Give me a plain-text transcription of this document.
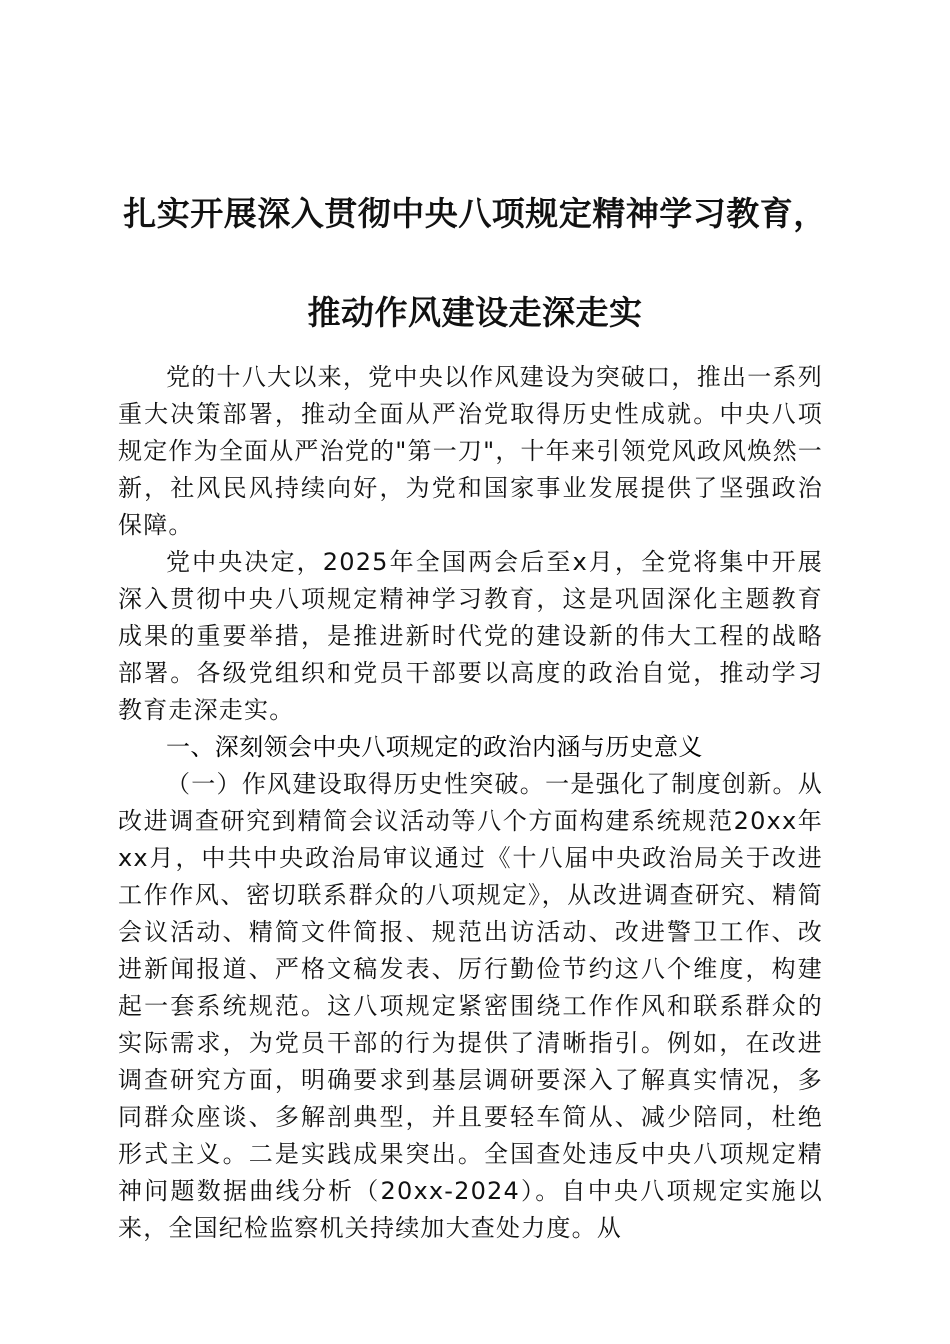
扎实开展深入贯彻中央八项规定精神学习教育，
推动作风建设走深走实

党的十八大以来，党中央以作风建设为突破口，推出一系列重大决策部署，推动全面从严治党取得历史性成就。中央八项规定作为全面从严治党的"第一刀"，十年来引领党风政风焕然一新，社风民风持续向好，为党和国家事业发展提供了坚强政治保障。

党中央决定，2025年全国两会后至x月，全党将集中开展深入贯彻中央八项规定精神学习教育，这是巩固深化主题教育成果的重要举措，是推进新时代党的建设新的伟大工程的战略部署。各级党组织和党员干部要以高度的政治自觉，推动学习教育走深走实。

一、深刻领会中央八项规定的政治内涵与历史意义

（一）作风建设取得历史性突破。一是强化了制度创新。从改进调查研究到精简会议活动等八个方面构建系统规范20xx年xx月，中共中央政治局审议通过《十八届中央政治局关于改进工作作风、密切联系群众的八项规定》，从改进调查研究、精简会议活动、精简文件简报、规范出访活动、改进警卫工作、改进新闻报道、严格文稿发表、厉行勤俭节约这八个维度，构建起一套系统规范。这八项规定紧密围绕工作作风和联系群众的实际需求，为党员干部的行为提供了清晰指引。例如，在改进调查研究方面，明确要求到基层调研要深入了解真实情况，多同群众座谈、多解剖典型，并且要轻车简从、减少陪同，杜绝形式主义。二是实践成果突出。全国查处违反中央八项规定精神问题数据曲线分析（20xx-2024）。自中央八项规定实施以来，全国纪检监察机关持续加大查处力度。从
